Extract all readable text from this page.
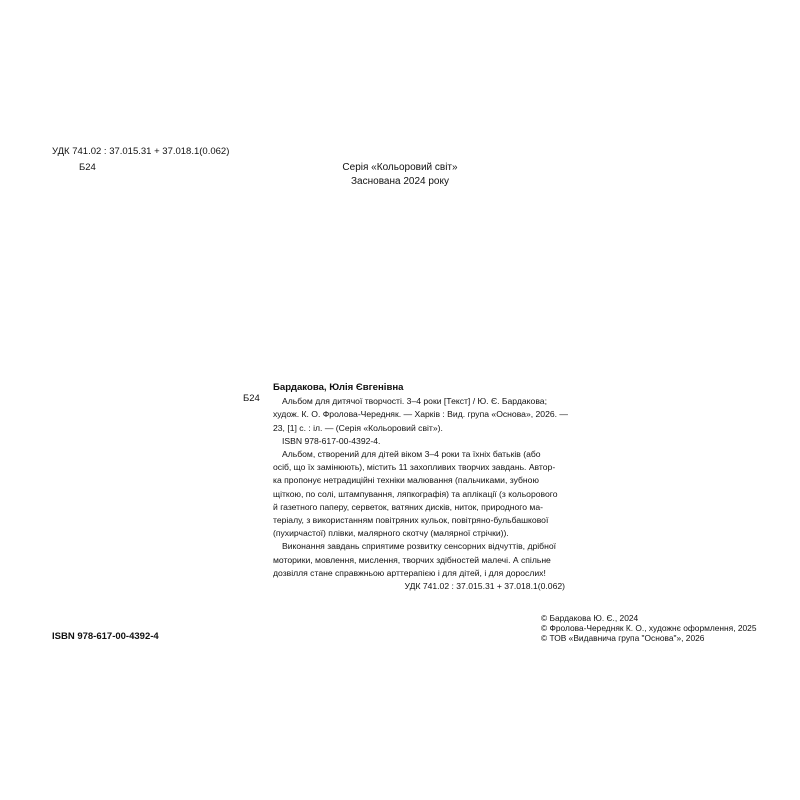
УДК 741.02 : 37.015.31 + 37.018.1(0.062)
Б24	Серія «Кольоровий світ»
Заснована 2024 року
Б24
Бардакова, Юлія Євгенівна
Альбом для дитячої творчості. 3–4 роки [Текст] / Ю. Є. Бардакова;
худож. К. О. Фролова-Чередняк. — Харків : Вид. група «Основа», 2026. —
23, [1] с. : іл. — (Серія «Кольоровий світ»).
ISBN 978-617-00-4392-4.
Альбом, створений для дітей віком 3–4 роки та їхніх батьків (або
осіб, що їх замінюють), містить 11 захопливих творчих завдань. Автор-
ка пропонує нетрадиційні техніки малювання (пальчиками, зубною
щіткою, по солі, штампування, ляпкографія) та аплікації (з кольорового
й газетного паперу, серветок, ватяних дисків, ниток, природного ма-
теріалу, з використанням повітряних кульок, повітряно-бульбашкової
(пухирчастої) плівки, малярного скотчу (малярної стрічки)).
Виконання завдань сприятиме розвитку сенсорних відчуттів, дрібної
моторики, мовлення, мислення, творчих здібностей малечі. А спільне
дозвілля стане справжньою арттерапією і для дітей, і для дорослих!
УДК 741.02 : 37.015.31 + 37.018.1(0.062)
ISBN 978-617-00-4392-4
© Бардакова Ю. Є., 2024
© Фролова-Чередняк К. О., художнє оформлення, 2025
© ТОВ «Видавнича група "Основа"», 2026
